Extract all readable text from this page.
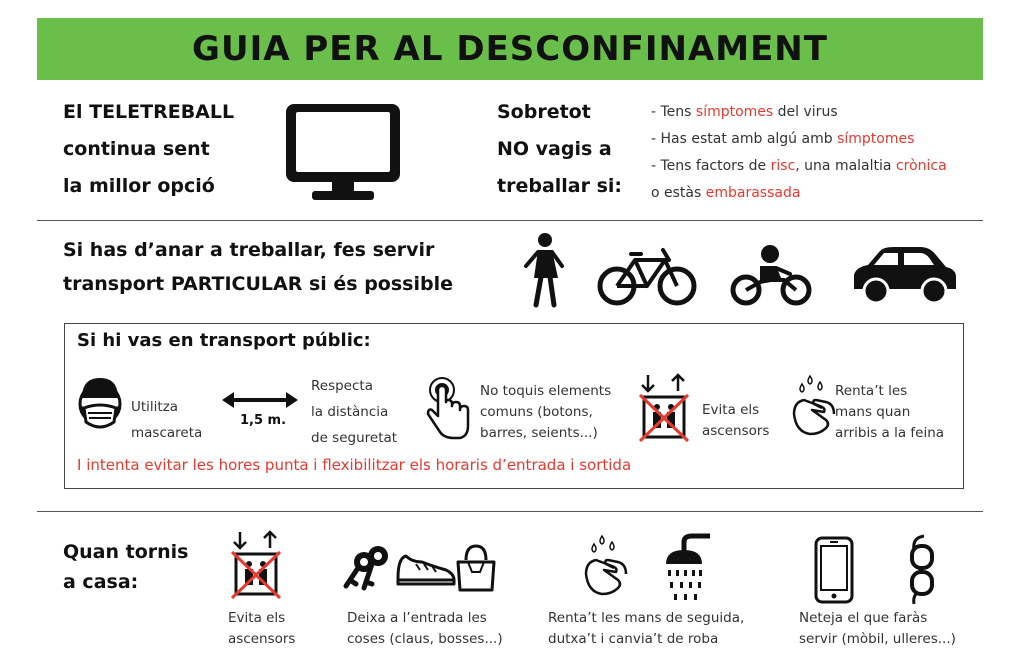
GUIA PER AL DESCONFINAMENT
El TELETREBALL
continua sent
la millor opció
Sobretot
NO vagis a
treballar si:
- Tens símptomes del virus
- Has estat amb algú amb símptomes
- Tens factors de risc, una malaltia crònica
o estàs embarassada
Si has d’anar a treballar, fes servir
transport PARTICULAR si és possible
Si hi vas en transport públic:
Utilitza
mascareta
1,5 m.
Respecta
la distància
de seguretat
No toquis elements
comuns (botons,
barres, seients...)
Evita els
ascensors
Renta’t les
mans quan
arribis a la feina
I intenta evitar les hores punta i flexibilitzar els horaris d’entrada i sortida
Quan tornis
a casa:
Evita els
ascensors
Deixa a l’entrada les
coses (claus, bosses...)
Renta’t les mans de seguida,
dutxa’t i canvia’t de roba
Neteja el que faràs
servir (mòbil, ulleres...)
